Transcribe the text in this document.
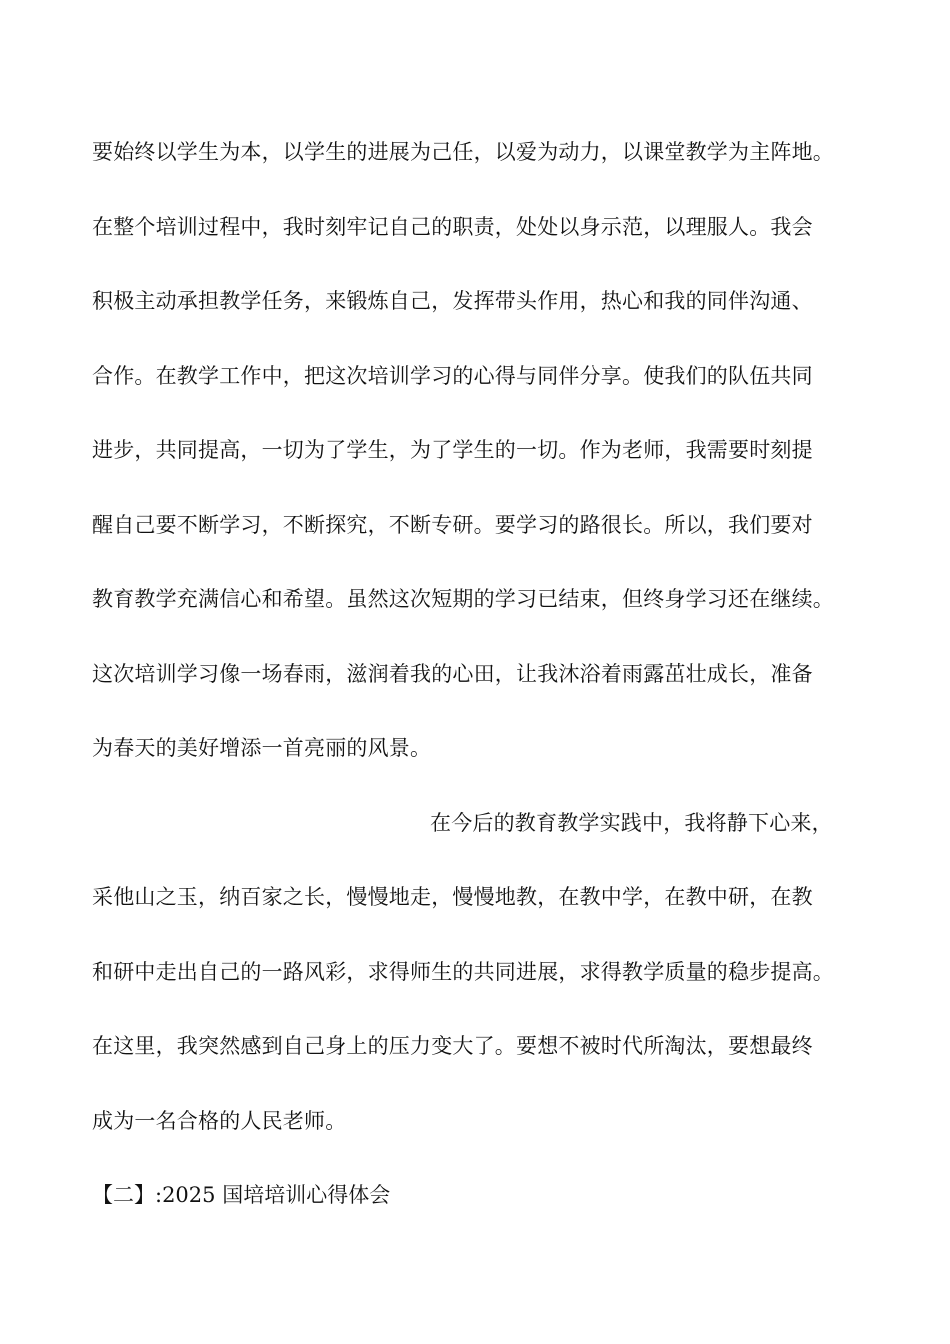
要始终以学生为本，以学生的进展为己任，以爱为动力，以课堂教学为主阵地。
在整个培训过程中，我时刻牢记自己的职责，处处以身示范，以理服人。我会
积极主动承担教学任务，来锻炼自己，发挥带头作用，热心和我的同伴沟通、
合作。在教学工作中，把这次培训学习的心得与同伴分享。使我们的队伍共同
进步，共同提高，一切为了学生，为了学生的一切。作为老师，我需要时刻提
醒自己要不断学习，不断探究，不断专研。要学习的路很长。所以，我们要对
教育教学充满信心和希望。虽然这次短期的学习已结束，但终身学习还在继续。
这次培训学习像一场春雨，滋润着我的心田，让我沐浴着雨露茁壮成长，准备
为春天的美好增添一首亮丽的风景。
在今后的教育教学实践中，我将静下心来，
采他山之玉，纳百家之长，慢慢地走，慢慢地教，在教中学，在教中研，在教
和研中走出自己的一路风彩，求得师生的共同进展，求得教学质量的稳步提高。
在这里，我突然感到自己身上的压力变大了。要想不被时代所淘汰，要想最终
成为一名合格的人民老师。
【二】:2025 国培培训心得体会
